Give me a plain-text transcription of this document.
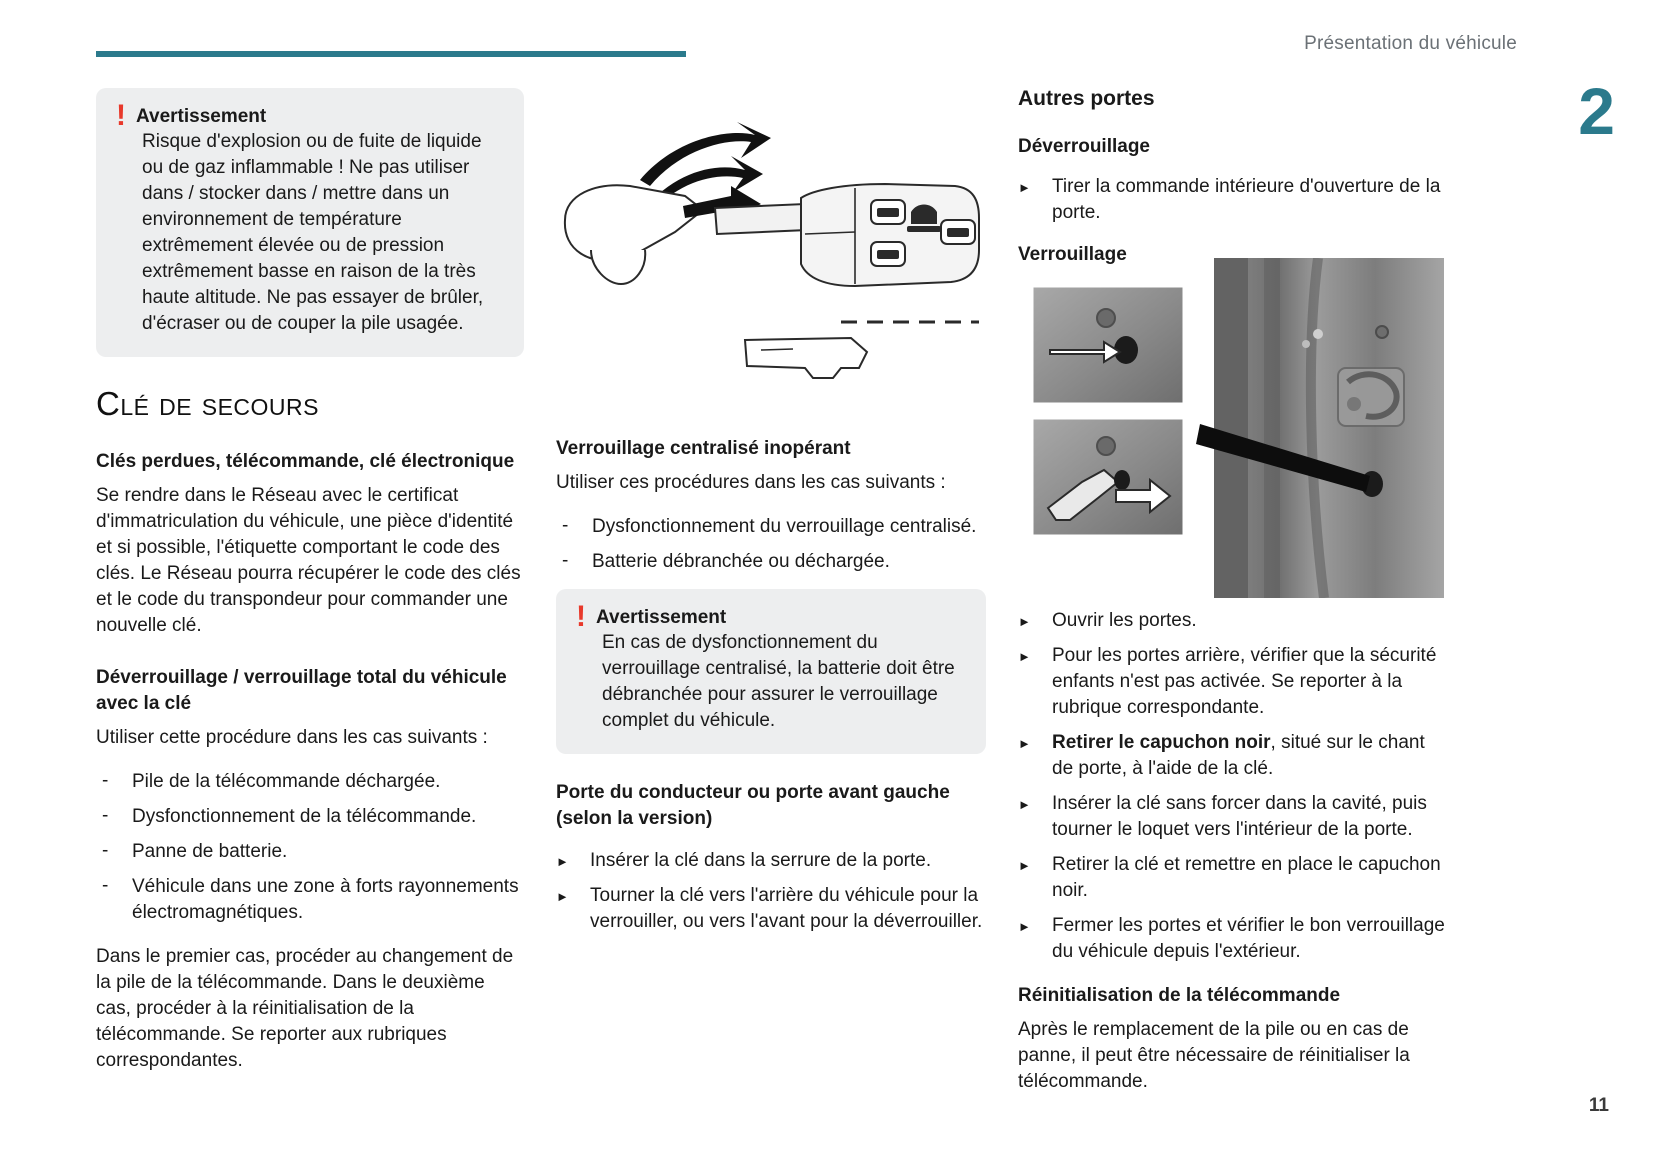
Présentation du véhicule
2
11
! Avertissement
Risque d'explosion ou de fuite de liquide ou de gaz inflammable ! Ne pas utiliser dans / stocker dans / mettre dans un environnement de température extrêmement élevée ou de pression extrêmement basse en raison de la très haute altitude. Ne pas essayer de brûler, d'écraser ou de couper la pile usagée.
Clé de secours
Clés perdues, télécommande, clé électronique

Se rendre dans le Réseau avec le certificat d'immatriculation du véhicule, une pièce d'identité et si possible, l'étiquette comportant le code des clés. Le Réseau pourra récupérer le code des clés et le code du transpondeur pour commander une nouvelle clé.

Déverrouillage / verrouillage total du véhicule avec la clé

Utiliser cette procédure dans les cas suivants :

- Pile de la télécommande déchargée.
- Dysfonctionnement de la télécommande.
- Panne de batterie.
- Véhicule dans une zone à forts rayonnements électromagnétiques.

Dans le premier cas, procéder au changement de la pile de la télécommande. Dans le deuxième cas, procéder à la réinitialisation de la télécommande. Se reporter aux rubriques correspondantes.

Verrouillage centralisé inopérant

Utiliser ces procédures dans les cas suivants :

- Dysfonctionnement du verrouillage centralisé.
- Batterie débranchée ou déchargée.
! Avertissement
En cas de dysfonctionnement du verrouillage centralisé, la batterie doit être débranchée pour assurer le verrouillage complet du véhicule.
Porte du conducteur ou porte avant gauche (selon la version)
► Insérer la clé dans la serrure de la porte.
► Tourner la clé vers l'arrière du véhicule pour la verrouiller, ou vers l'avant pour la déverrouiller.
Autres portes
Déverrouillage
► Tirer la commande intérieure d'ouverture de la porte.
Verrouillage
► Ouvrir les portes.
► Pour les portes arrière, vérifier que la sécurité enfants n'est pas activée. Se reporter à la rubrique correspondante.
► Retirer le capuchon noir, situé sur le chant de porte, à l'aide de la clé.
► Insérer la clé sans forcer dans la cavité, puis tourner le loquet vers l'intérieur de la porte.
► Retirer la clé et remettre en place le capuchon noir.
► Fermer les portes et vérifier le bon verrouillage du véhicule depuis l'extérieur.
Réinitialisation de la télécommande

Après le remplacement de la pile ou en cas de panne, il peut être nécessaire de réinitialiser la télécommande.
